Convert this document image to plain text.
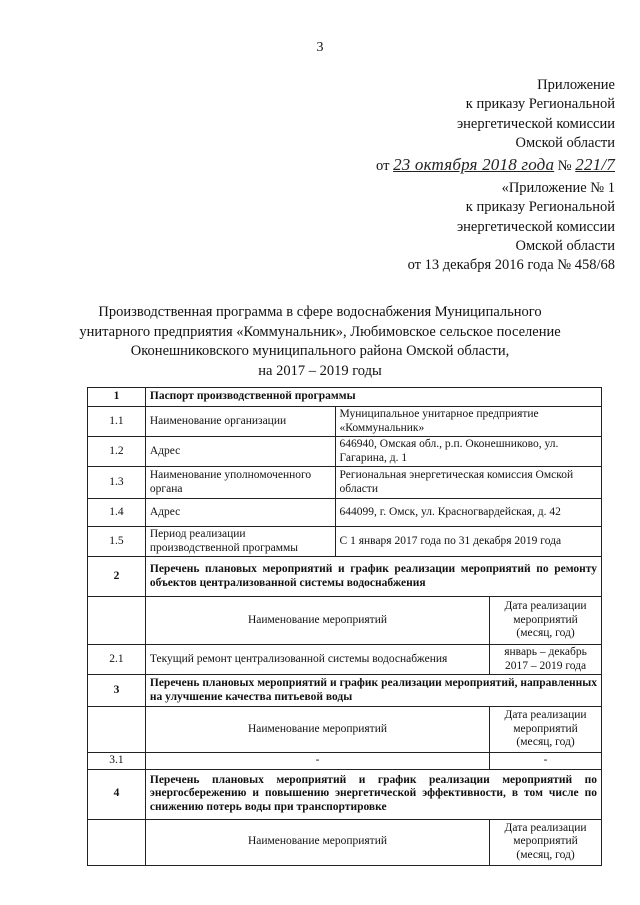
3
Приложение
к приказу Региональной
энергетической комиссии
Омской области
от 23 октября 2018 года № 221/7
«Приложение № 1
к приказу Региональной
энергетической комиссии
Омской области
от 13 декабря 2016 года № 458/68
Производственная программа в сфере водоснабжения Муниципального
унитарного предприятия «Коммунальник», Любимовское сельское поселение
Оконешниковского муниципального района Омской области,
на 2017 – 2019 годы
1	Паспорт производственной программы		
1.1	Наименование организации	Муниципальное унитарное предприятие «Коммунальник»	
1.2	Адрес	646940, Омская обл., р.п. Оконешниково, ул. Гагарина, д. 1	
1.3	Наименование уполномоченного органа	Региональная энергетическая комиссия Омской области	
1.4	Адрес	644099, г. Омск, ул. Красногвардейская, д. 42	
1.5	Период реализации производственной программы	С 1 января 2017 года по 31 декабря 2019 года	
2	Перечень плановых мероприятий и график реализации мероприятий по ремонту объектов централизованной системы водоснабжения		
	Наименование мероприятий		Дата реализации мероприятий (месяц, год)
2.1	Текущий ремонт централизованной системы водоснабжения		январь – декабрь 2017 – 2019 года
3	Перечень плановых мероприятий и график реализации мероприятий, направленных на улучшение качества питьевой воды		
	Наименование мероприятий		Дата реализации мероприятий (месяц, год)
3.1	-		-
4	Перечень плановых мероприятий и график реализации мероприятий по энергосбережению и повышению энергетической эффективности, в том числе по снижению потерь воды при транспортировке		
	Наименование мероприятий		Дата реализации мероприятий (месяц, год)
